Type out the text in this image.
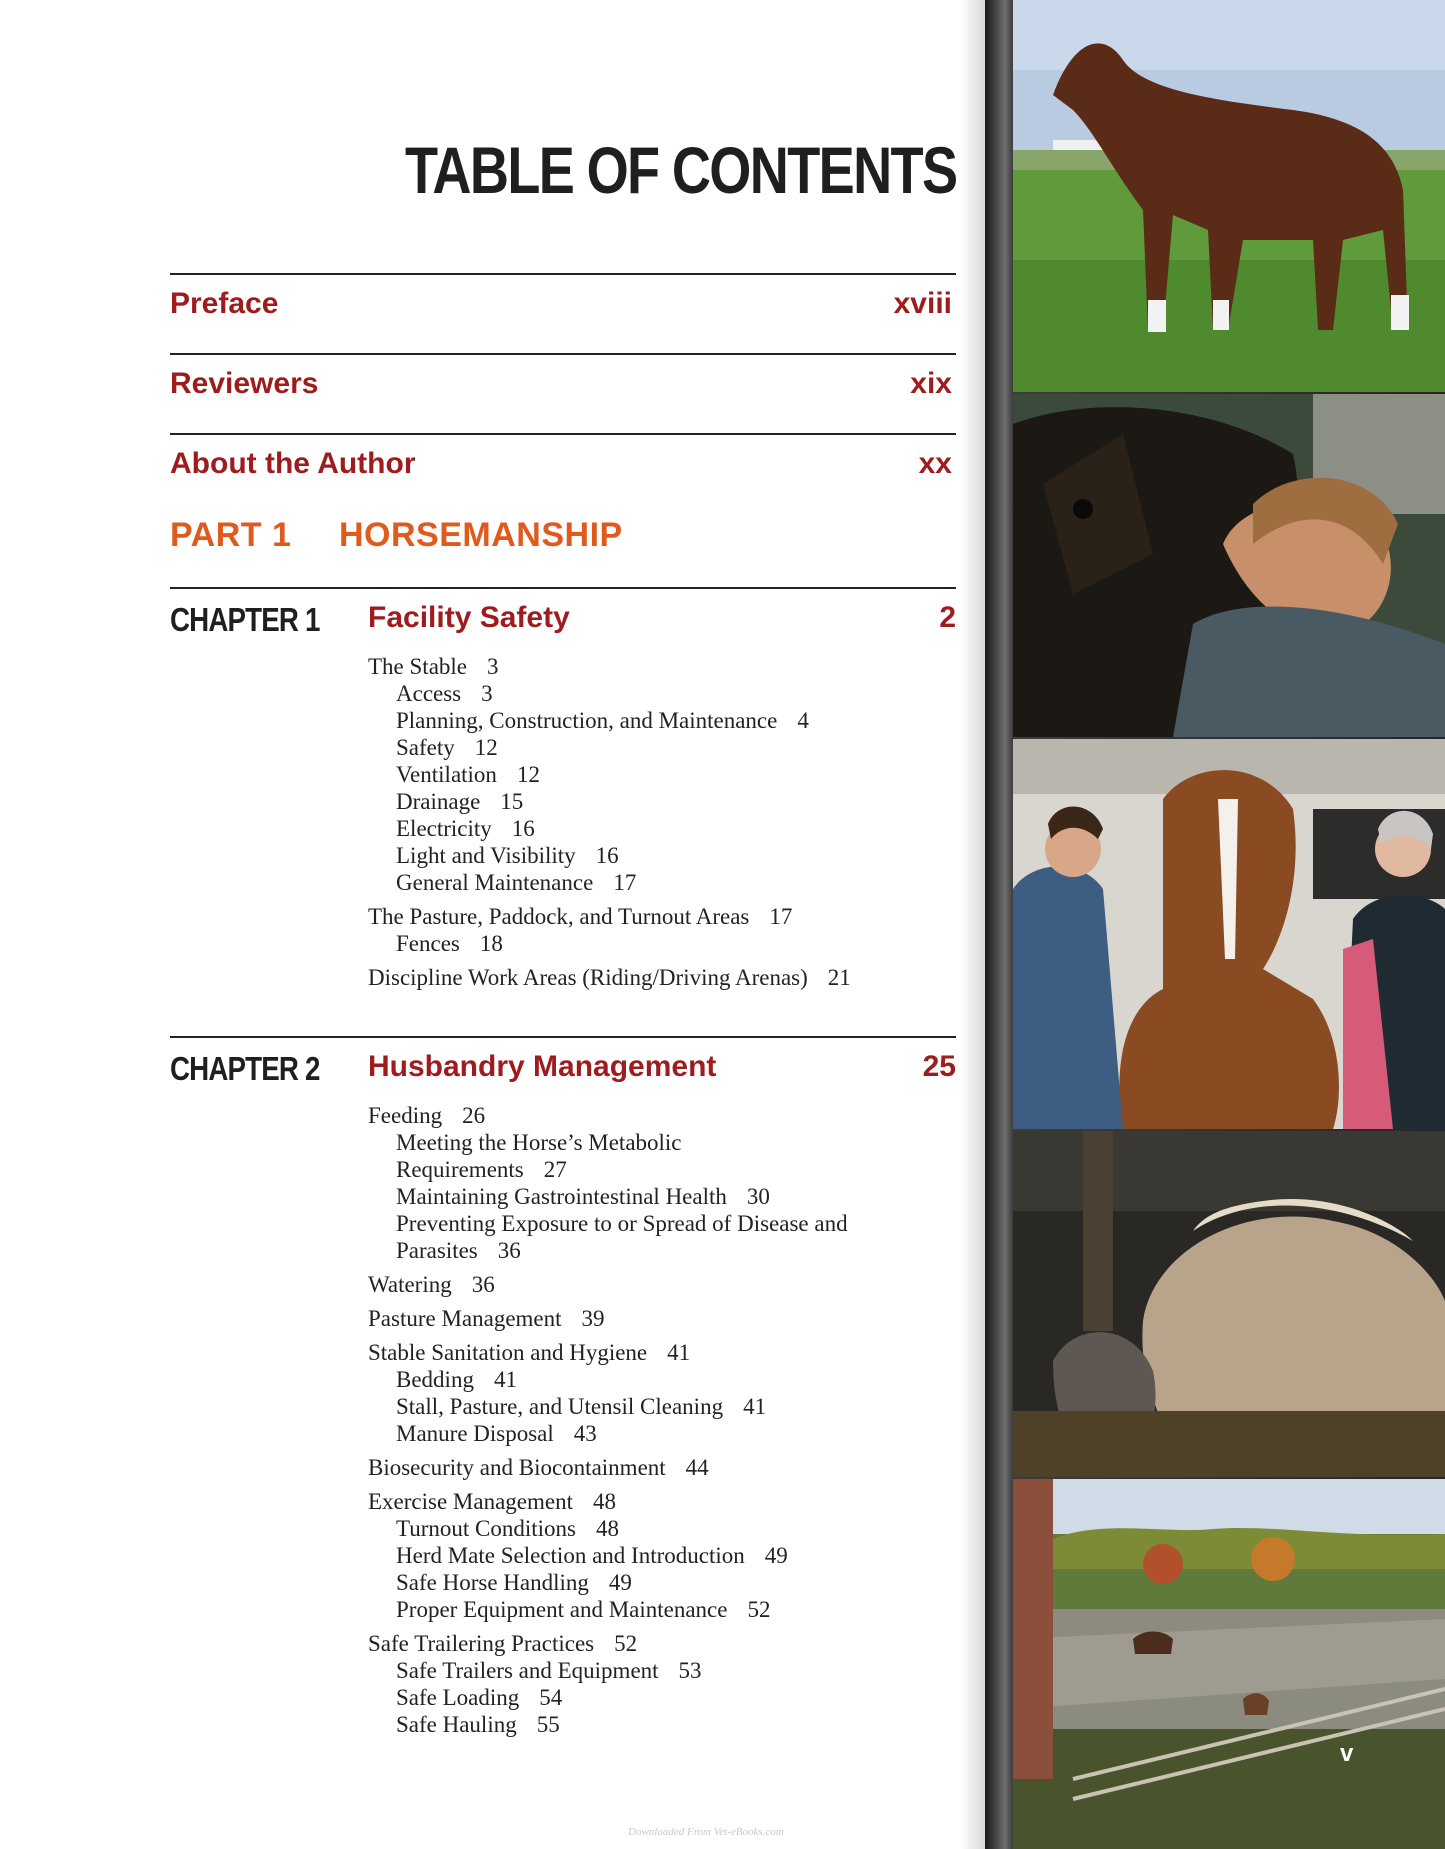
TABLE OF CONTENTS
Preface	xviii
Reviewers	xix
About the Author	xx
PART 1 HORSEMANSHIP
CHAPTER 1 Facility Safety	2
The Stable 3
Access 3
Planning, Construction, and Maintenance 4
Safety 12
Ventilation 12
Drainage 15
Electricity 16
Light and Visibility 16
General Maintenance 17
The Pasture, Paddock, and Turnout Areas 17
Fences 18
Discipline Work Areas (Riding/Driving Arenas) 21
CHAPTER 2 Husbandry Management	25
Feeding 26
Meeting the Horse’s Metabolic
Requirements 27
Maintaining Gastrointestinal Health 30
Preventing Exposure to or Spread of Disease and
Parasites 36
Watering 36
Pasture Management 39
Stable Sanitation and Hygiene 41
Bedding 41
Stall, Pasture, and Utensil Cleaning 41
Manure Disposal 43
Biosecurity and Biocontainment 44
Exercise Management 48
Turnout Conditions 48
Herd Mate Selection and Introduction 49
Safe Horse Handling 49
Proper Equipment and Maintenance 52
Safe Trailering Practices 52
Safe Trailers and Equipment 53
Safe Loading 54
Safe Hauling 55
v
Downloaded From Vet-eBooks.com
